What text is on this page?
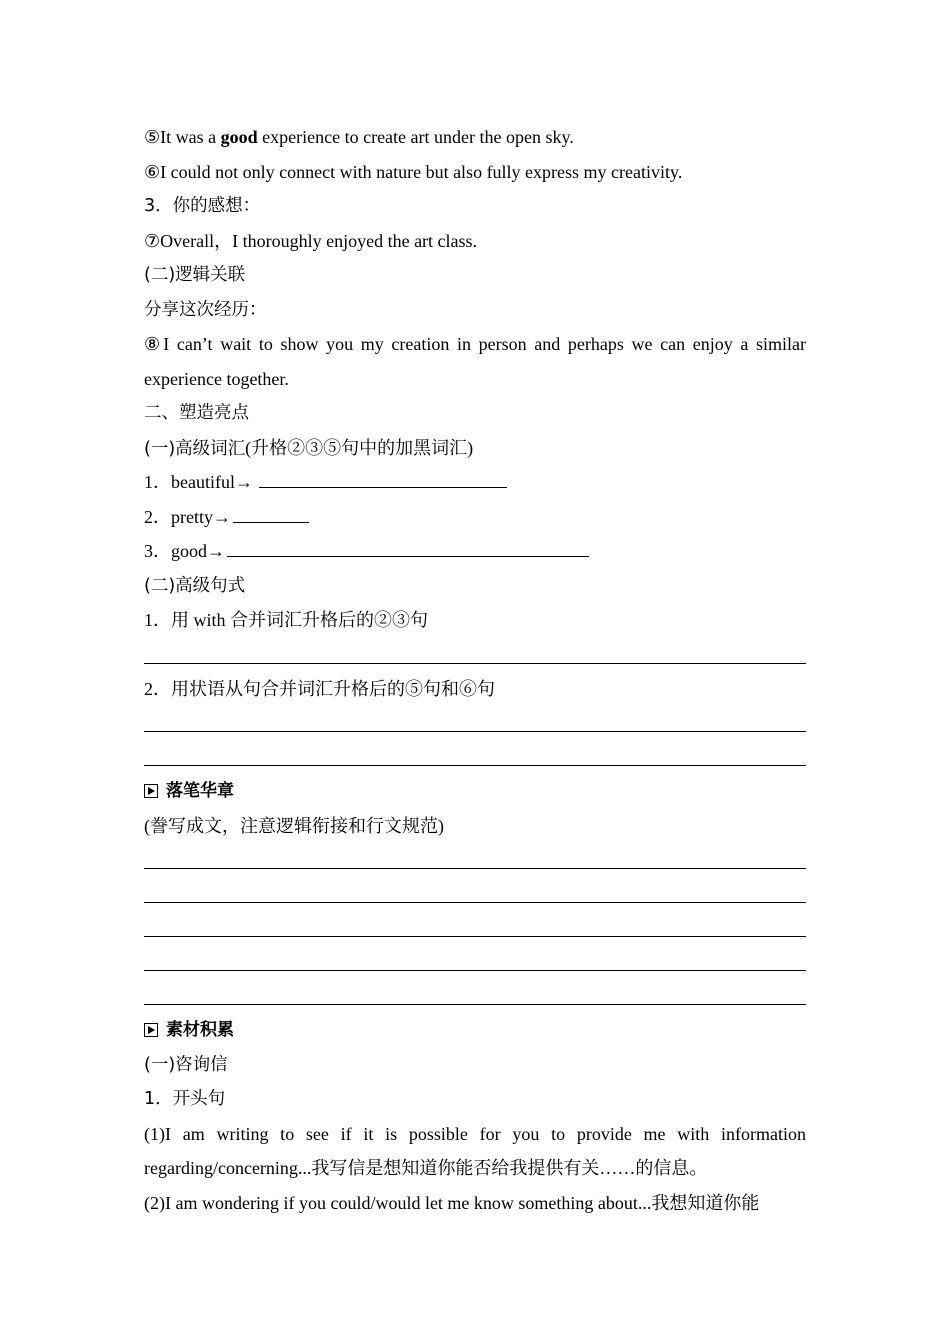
⑤It was a good experience to create art under the open sky.
⑥I could not only connect with nature but also fully express my creativity.
3．你的感想：
⑦Overall，I thoroughly enjoyed the art class.
(二)逻辑关联
分享这次经历：
⑧I can’t wait to show you my creation in person and perhaps we can enjoy a similar experience together.
二、塑造亮点
(一)高级词汇(升格②③⑤句中的加黑词汇)
1．beautiful→
2．pretty→
3．good→
(二)高级句式
1．用 with 合并词汇升格后的②③句
2．用状语从句合并词汇升格后的⑤句和⑥句
落笔华章
(誊写成文，注意逻辑衔接和行文规范)
素材积累
(一)咨询信
1．开头句
(1)I am writing to see if it is possible for you to provide me with information regarding/concerning...我写信是想知道你能否给我提供有关……的信息。
(2)I am wondering if you could/would let me know something about...我想知道你能
